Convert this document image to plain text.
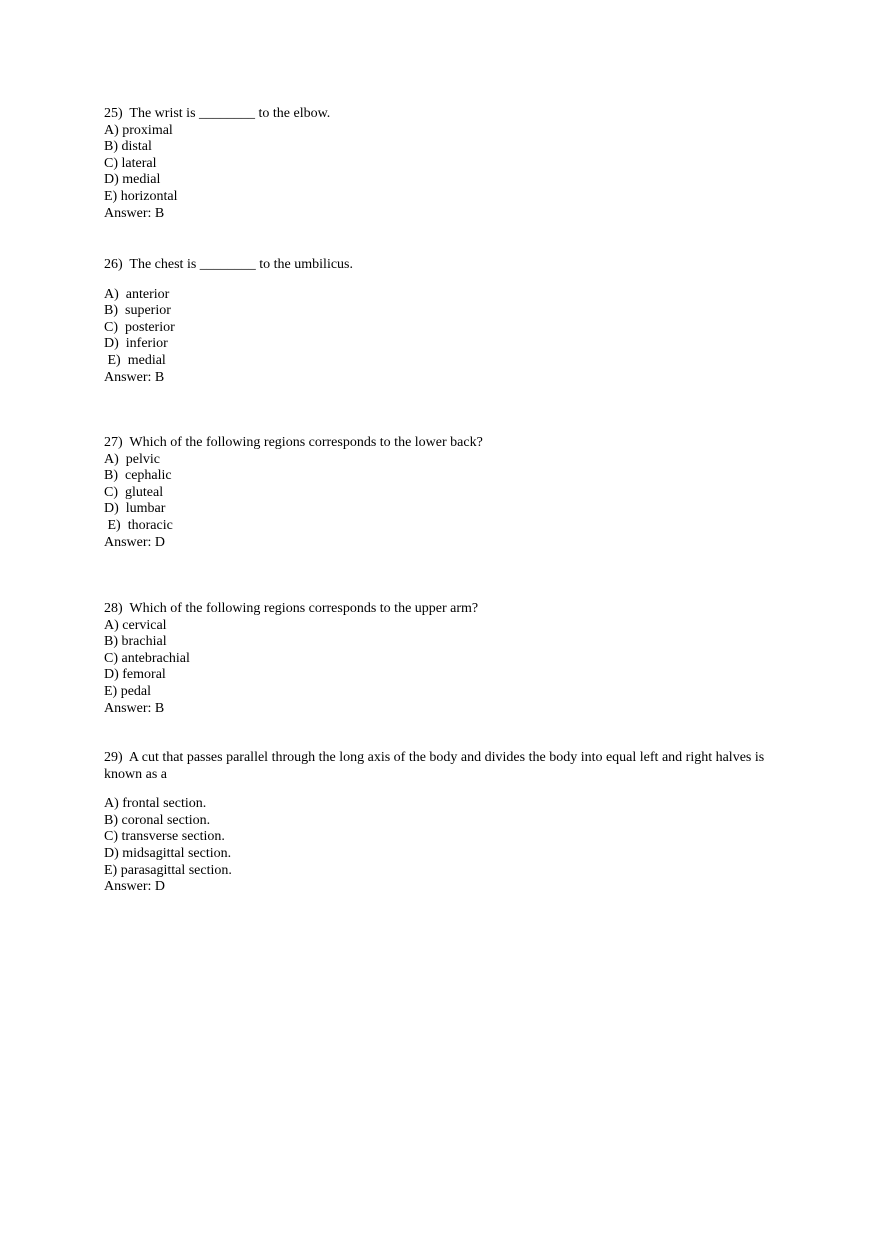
25)  The wrist is ________ to the elbow.
A) proximal
B) distal
C) lateral
D) medial
E) horizontal
Answer: B
26)  The chest is ________ to the umbilicus.
A)  anterior
B)  superior
C)  posterior
D)  inferior
E)  medial
Answer: B
27)  Which of the following regions corresponds to the lower back?
A)  pelvic
B)  cephalic
C)  gluteal
D)  lumbar
E)  thoracic
Answer: D
28)  Which of the following regions corresponds to the upper arm?
A) cervical
B) brachial
C) antebrachial
D) femoral
E) pedal
Answer: B
29)  A cut that passes parallel through the long axis of the body and divides the body into equal left and right halves is known as a
A) frontal section.
B) coronal section.
C) transverse section.
D) midsagittal section.
E) parasagittal section.
Answer: D
